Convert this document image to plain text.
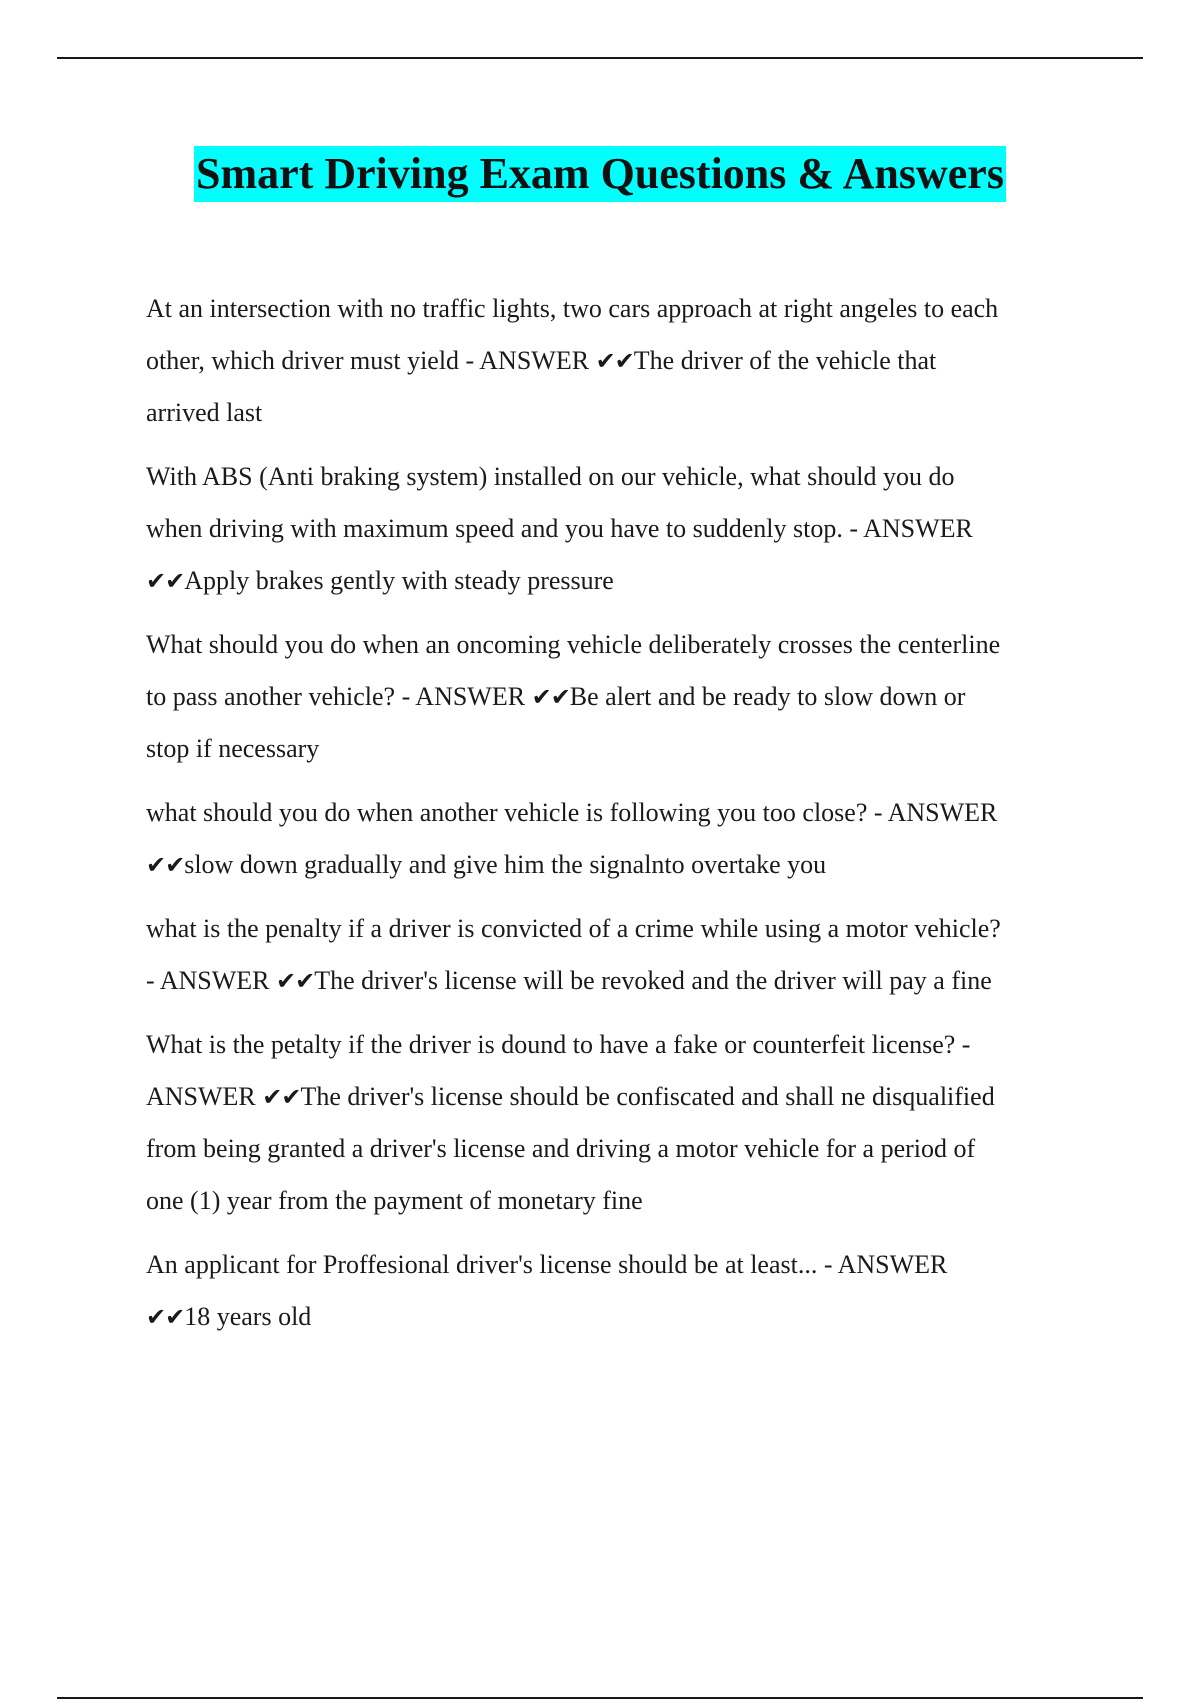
Smart Driving Exam Questions & Answers

At an intersection with no traffic lights, two cars approach at right angeles to each
other, which driver must yield - ANSWER ✔✔The driver of the vehicle that
arrived last

With ABS (Anti braking system) installed on our vehicle, what should you do
when driving with maximum speed and you have to suddenly stop. - ANSWER
✔✔Apply brakes gently with steady pressure

What should you do when an oncoming vehicle deliberately crosses the centerline
to pass another vehicle? - ANSWER ✔✔Be alert and be ready to slow down or
stop if necessary

what should you do when another vehicle is following you too close? - ANSWER
✔✔slow down gradually and give him the signalnto overtake you

what is the penalty if a driver is convicted of a crime while using a motor vehicle?
- ANSWER ✔✔The driver's license will be revoked and the driver will pay a fine

What is the petalty if the driver is dound to have a fake or counterfeit license? -
ANSWER ✔✔The driver's license should be confiscated and shall ne disqualified
from being granted a driver's license and driving a motor vehicle for a period of
one (1) year from the payment of monetary fine

An applicant for Proffesional driver's license should be at least... - ANSWER
✔✔18 years old
